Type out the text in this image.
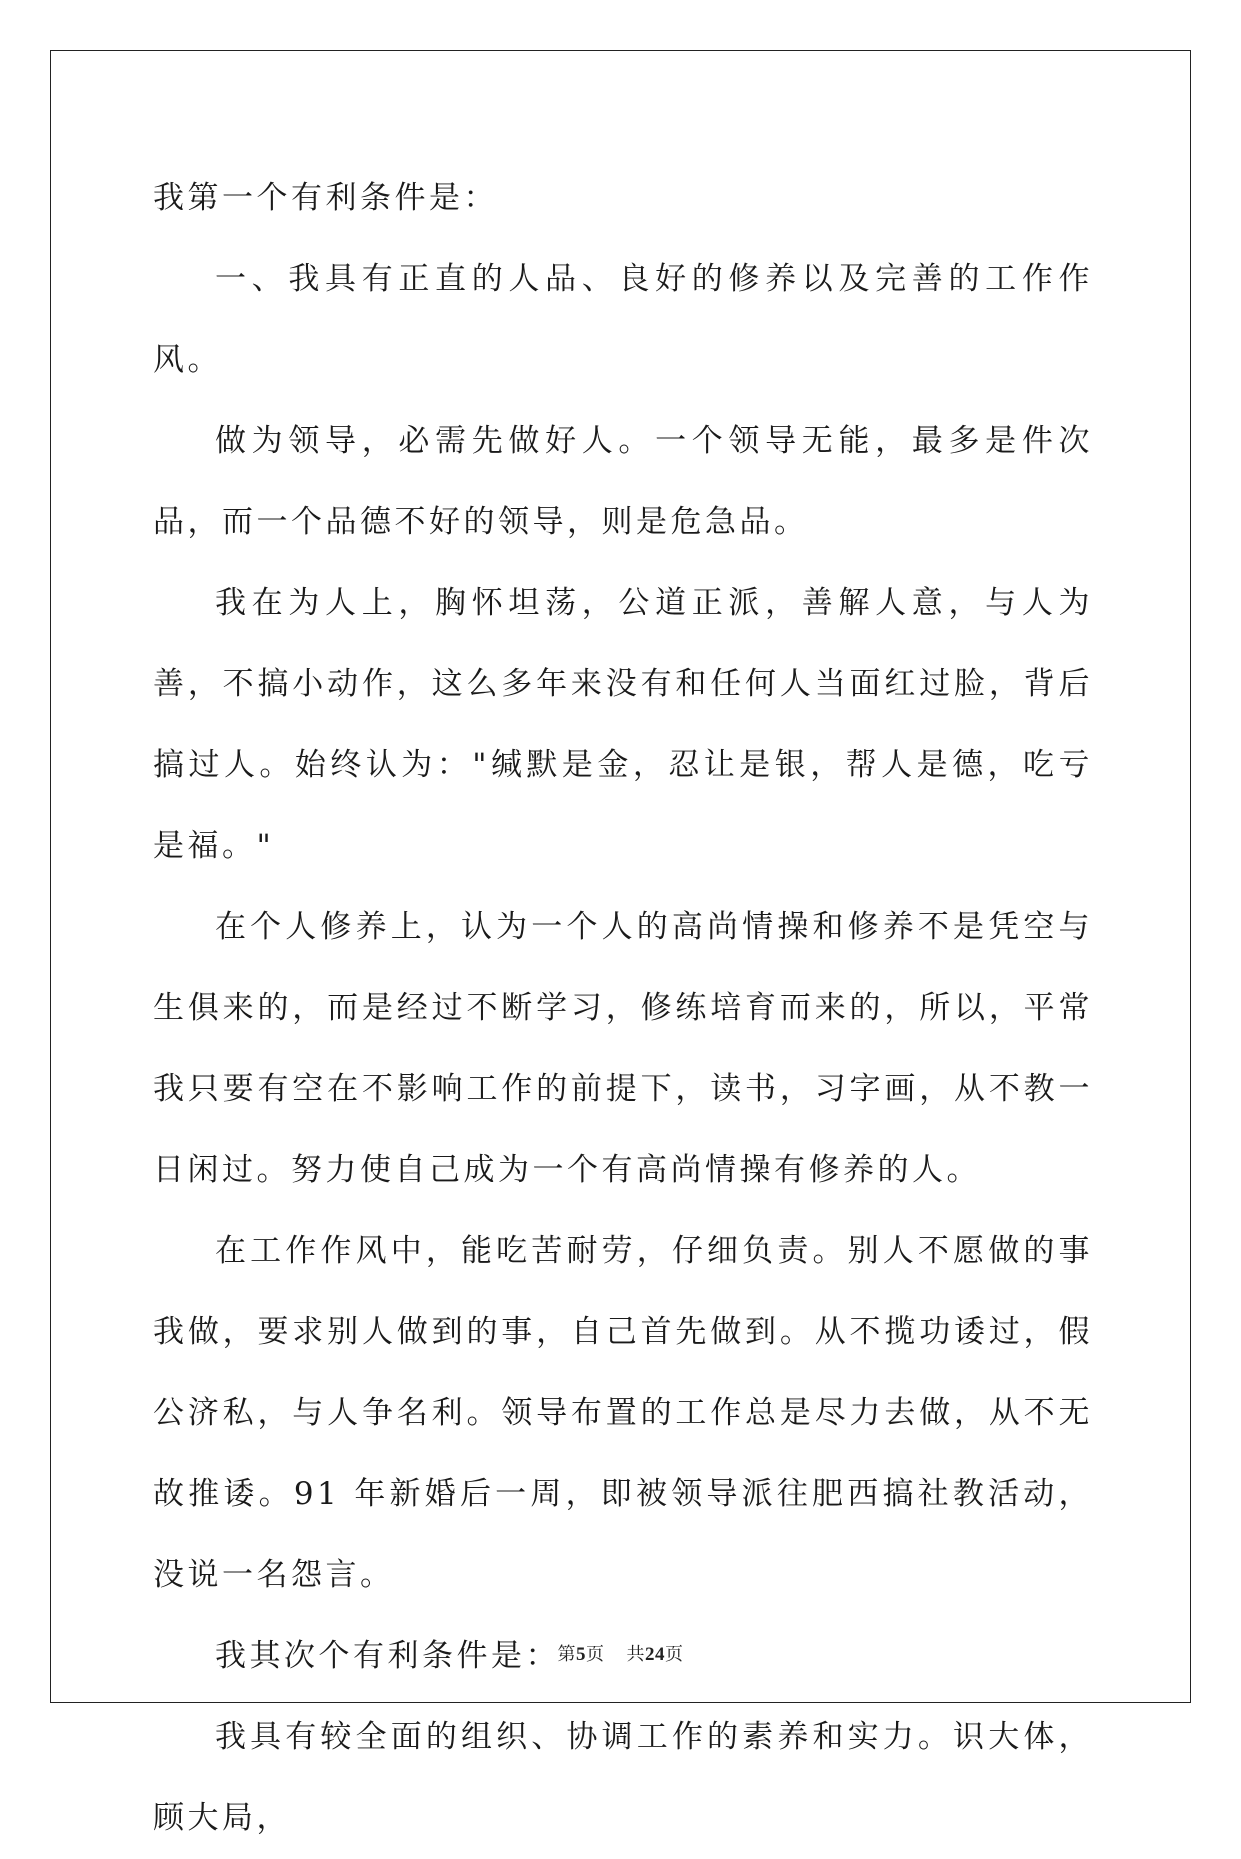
我第一个有利条件是：

一、我具有正直的人品、良好的修养以及完善的工作作风。

做为领导，必需先做好人。一个领导无能，最多是件次品，而一个品德不好的领导，则是危急品。

我在为人上，胸怀坦荡，公道正派，善解人意，与人为善，不搞小动作，这么多年来没有和任何人当面红过脸，背后搞过人。始终认为："缄默是金，忍让是银，帮人是德，吃亏是福。"

在个人修养上，认为一个人的高尚情操和修养不是凭空与生俱来的，而是经过不断学习，修练培育而来的，所以，平常我只要有空在不影响工作的前提下，读书，习字画，从不教一日闲过。努力使自己成为一个有高尚情操有修养的人。

在工作作风中，能吃苦耐劳，仔细负责。别人不愿做的事我做，要求别人做到的事，自己首先做到。从不揽功诿过，假公济私，与人争名利。领导布置的工作总是尽力去做，从不无故推诿。91 年新婚后一周，即被领导派往肥西搞社教活动，没说一名怨言。

我其次个有利条件是：

我具有较全面的组织、协调工作的素养和实力。识大体，顾大局，

第5页 共24页
